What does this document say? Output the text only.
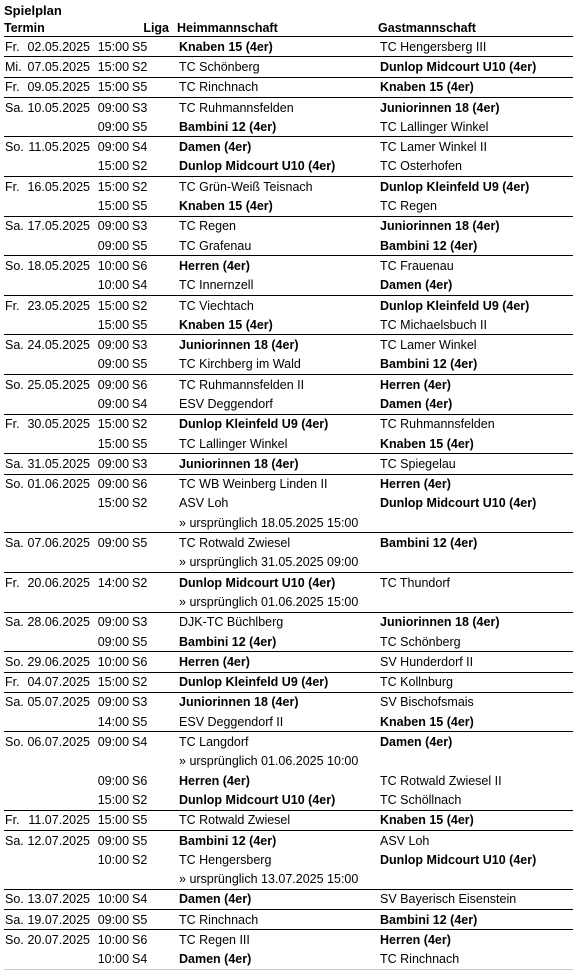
Spielplan
Termin			Liga	Heimmannschaft	Gastmannschaft
Fr.	02.05.2025	15:00	S5	Knaben 15 (4er)	TC Hengersberg III
Mi.	07.05.2025	15:00	S2	TC Schönberg	Dunlop Midcourt U10 (4er)
Fr.	09.05.2025	15:00	S5	TC Rinchnach	Knaben 15 (4er)
Sa.	10.05.2025	09:00	S3	TC Ruhmannsfelden	Juniorinnen 18 (4er)
		09:00	S5	Bambini 12 (4er)	TC Lallinger Winkel
So.	11.05.2025	09:00	S4	Damen (4er)	TC Lamer Winkel II
		15:00	S2	Dunlop Midcourt U10 (4er)	TC Osterhofen
Fr.	16.05.2025	15:00	S2	TC Grün-Weiß Teisnach	Dunlop Kleinfeld U9 (4er)
		15:00	S5	Knaben 15 (4er)	TC Regen
Sa.	17.05.2025	09:00	S3	TC Regen	Juniorinnen 18 (4er)
		09:00	S5	TC Grafenau	Bambini 12 (4er)
So.	18.05.2025	10:00	S6	Herren (4er)	TC Frauenau
		10:00	S4	TC Innernzell	Damen (4er)
Fr.	23.05.2025	15:00	S2	TC Viechtach	Dunlop Kleinfeld U9 (4er)
		15:00	S5	Knaben 15 (4er)	TC Michaelsbuch II
Sa.	24.05.2025	09:00	S3	Juniorinnen 18 (4er)	TC Lamer Winkel
		09:00	S5	TC Kirchberg im Wald	Bambini 12 (4er)
So.	25.05.2025	09:00	S6	TC Ruhmannsfelden II	Herren (4er)
		09:00	S4	ESV Deggendorf	Damen (4er)
Fr.	30.05.2025	15:00	S2	Dunlop Kleinfeld U9 (4er)	TC Ruhmannsfelden
		15:00	S5	TC Lallinger Winkel	Knaben 15 (4er)
Sa.	31.05.2025	09:00	S3	Juniorinnen 18 (4er)	TC Spiegelau
So.	01.06.2025	09:00	S6	TC WB Weinberg Linden II	Herren (4er)
		15:00	S2	ASV Loh	Dunlop Midcourt U10 (4er)
				» ursprünglich 18.05.2025 15:00	
Sa.	07.06.2025	09:00	S5	TC Rotwald Zwiesel	Bambini 12 (4er)
				» ursprünglich 31.05.2025 09:00	
Fr.	20.06.2025	14:00	S2	Dunlop Midcourt U10 (4er)	TC Thundorf
				» ursprünglich 01.06.2025 15:00	
Sa.	28.06.2025	09:00	S3	DJK-TC Büchlberg	Juniorinnen 18 (4er)
		09:00	S5	Bambini 12 (4er)	TC Schönberg
So.	29.06.2025	10:00	S6	Herren (4er)	SV Hunderdorf II
Fr.	04.07.2025	15:00	S2	Dunlop Kleinfeld U9 (4er)	TC Kollnburg
Sa.	05.07.2025	09:00	S3	Juniorinnen 18 (4er)	SV Bischofsmais
		14:00	S5	ESV Deggendorf II	Knaben 15 (4er)
So.	06.07.2025	09:00	S4	TC Langdorf	Damen (4er)
				» ursprünglich 01.06.2025 10:00	
		09:00	S6	Herren (4er)	TC Rotwald Zwiesel II
		15:00	S2	Dunlop Midcourt U10 (4er)	TC Schöllnach
Fr.	11.07.2025	15:00	S5	TC Rotwald Zwiesel	Knaben 15 (4er)
Sa.	12.07.2025	09:00	S5	Bambini 12 (4er)	ASV Loh
		10:00	S2	TC Hengersberg	Dunlop Midcourt U10 (4er)
				» ursprünglich 13.07.2025 15:00	
So.	13.07.2025	10:00	S4	Damen (4er)	SV Bayerisch Eisenstein
Sa.	19.07.2025	09:00	S5	TC Rinchnach	Bambini 12 (4er)
So.	20.07.2025	10:00	S6	TC Regen III	Herren (4er)
		10:00	S4	Damen (4er)	TC Rinchnach
